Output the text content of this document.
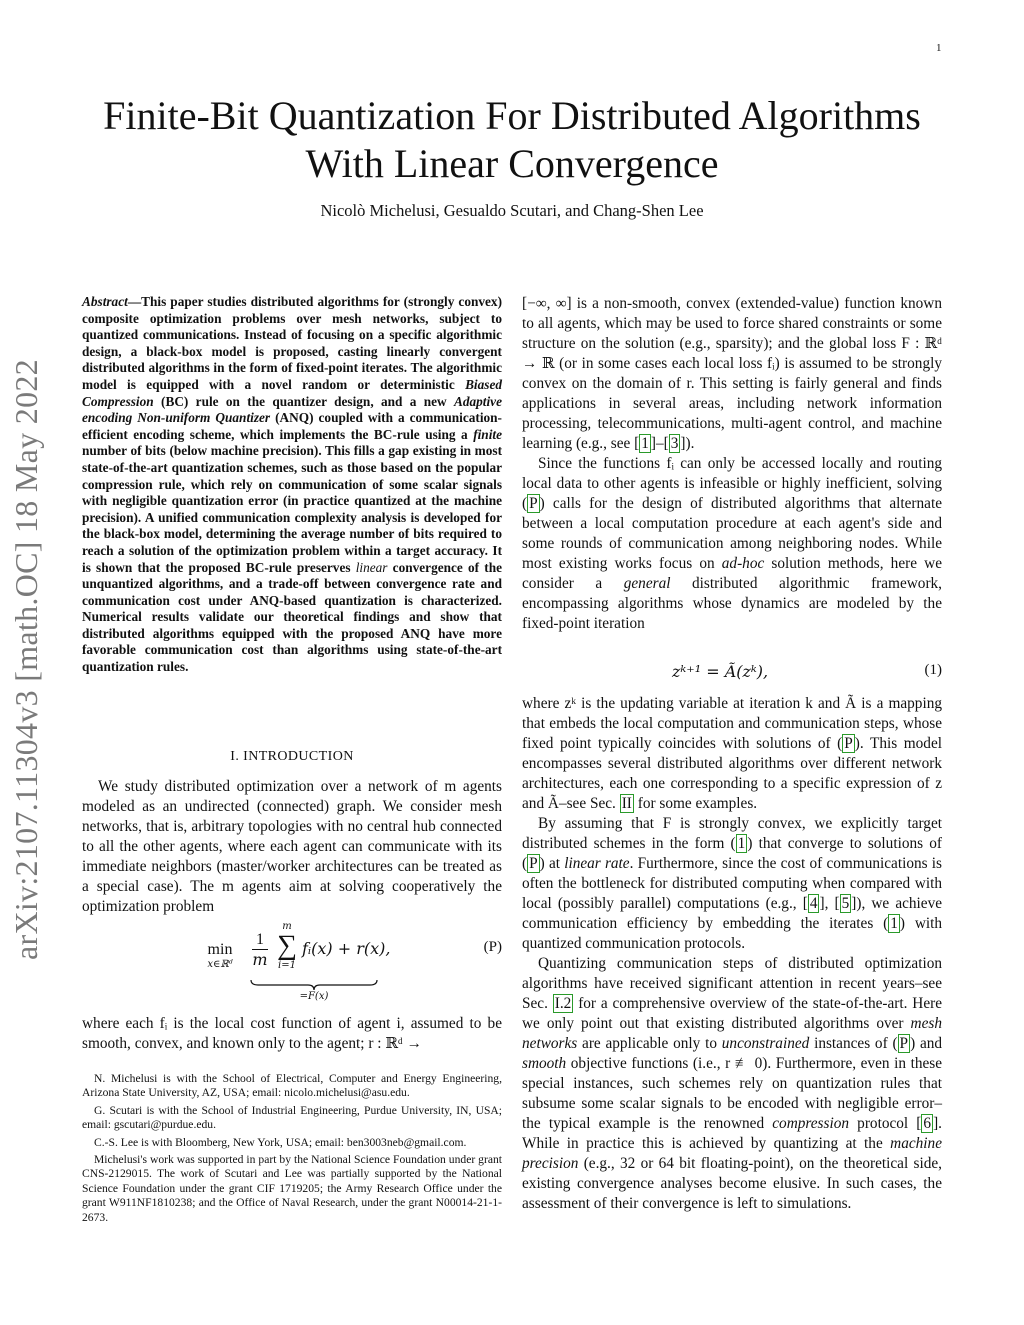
1
arXiv:2107.11304v3 [math.OC] 18 May 2022
Finite-Bit Quantization For Distributed Algorithms
With Linear Convergence
Nicolò Michelusi, Gesualdo Scutari, and Chang-Shen Lee
Abstract—This paper studies distributed algorithms for (strongly convex) composite optimization problems over mesh networks, subject to quantized communications. Instead of focusing on a specific algorithmic design, a black-box model is proposed, casting linearly convergent distributed algorithms in the form of fixed-point iterates. The algorithmic model is equipped with a novel random or deterministic Biased Compression (BC) rule on the quantizer design, and a new Adaptive encoding Non-uniform Quantizer (ANQ) coupled with a communication-efficient encoding scheme, which implements the BC-rule using a finite number of bits (below machine precision). This fills a gap existing in most state-of-the-art quantization schemes, such as those based on the popular compression rule, which rely on communication of some scalar signals with negligible quantization error (in practice quantized at the machine precision). A unified communication complexity analysis is developed for the black-box model, determining the average number of bits required to reach a solution of the optimization problem within a target accuracy. It is shown that the proposed BC-rule preserves linear convergence of the unquantized algorithms, and a trade-off between convergence rate and communication cost under ANQ-based quantization is characterized. Numerical results validate our theoretical findings and show that distributed algorithms equipped with the proposed ANQ have more favorable communication cost than algorithms using state-of-the-art quantization rules.
I. INTRODUCTION

We study distributed optimization over a network of m agents modeled as an undirected (connected) graph. We consider mesh networks, that is, arbitrary topologies with no central hub connected to all the other agents, where each agent can communicate with its immediate neighbors (master/worker architectures can be treated as a special case). The m agents aim at solving cooperatively the optimization problem

min
x∈ℝᵈ	$\frac{1}{m}$
m
∑
i=1
fᵢ(x) + r(x),
=F(x)
(P)

where each fᵢ is the local cost function of agent i, assumed to be smooth, convex, and known only to the agent; r : ℝᵈ →

N. Michelusi is with the School of Electrical, Computer and Energy Engineering, Arizona State University, AZ, USA; email: nicolo.michelusi@asu.edu.

G. Scutari is with the School of Industrial Engineering, Purdue University, IN, USA; email: gscutari@purdue.edu.

C.-S. Lee is with Bloomberg, New York, USA; email: ben3003neb@gmail.com.

Michelusi's work was supported in part by the National Science Foundation under grant CNS-2129015. The work of Scutari and Lee was partially supported by the National Science Foundation under the grant CIF 1719205; the Army Research Office under the grant W911NF1810238; and the Office of Naval Research, under the grant N00014-21-1-2673.

[−∞, ∞] is a non-smooth, convex (extended-value) function known to all agents, which may be used to force shared constraints or some structure on the solution (e.g., sparsity); and the global loss F : ℝᵈ → ℝ (or in some cases each local loss fᵢ) is assumed to be strongly convex on the domain of r. This setting is fairly general and finds applications in several areas, including network information processing, telecommunications, multi-agent control, and machine learning (e.g., see [ 1 ]–[ 3 ]).

Since the functions fᵢ can only be accessed locally and routing local data to other agents is infeasible or highly inefficient, solving ( P ) calls for the design of distributed algorithms that alternate between a local computation procedure at each agent's side and some rounds of communication among neighboring nodes. While most existing works focus on ad-hoc solution methods, here we consider a general distributed algorithmic framework, encompassing algorithms whose dynamics are modeled by the fixed-point iteration

zᵏ⁺¹ = Ã(zᵏ),	(1)

where zᵏ is the updating variable at iteration k and Ã is a mapping that embeds the local computation and communication steps, whose fixed point typically coincides with solutions of ( P ). This model encompasses several distributed algorithms over different network architectures, each one corresponding to a specific expression of z and Ã–see Sec. II for some examples.

By assuming that F is strongly convex, we explicitly target distributed schemes in the form ( 1 ) that converge to solutions of ( P ) at linear rate. Furthermore, since the cost of communications is often the bottleneck for distributed computing when compared with local (possibly parallel) computations (e.g., [ 4 ], [ 5 ]), we achieve communication efficiency by embedding the iterates ( 1 ) with quantized communication protocols.

Quantizing communication steps of distributed optimization algorithms have received significant attention in recent years–see Sec. I.2 for a comprehensive overview of the state-of-the-art. Here we only point out that existing distributed algorithms over mesh networks are applicable only to unconstrained instances of ( P ) and smooth objective functions (i.e., r ≢ 0). Furthermore, even in these special instances, such schemes rely on quantization rules that subsume some scalar signals to be encoded with negligible error–the typical example is the renowned compression protocol [ 6 ]. While in practice this is achieved by quantizing at the machine precision (e.g., 32 or 64 bit floating-point), on the theoretical side, existing convergence analyses become elusive. In such cases, the assessment of their convergence is left to simulations.
